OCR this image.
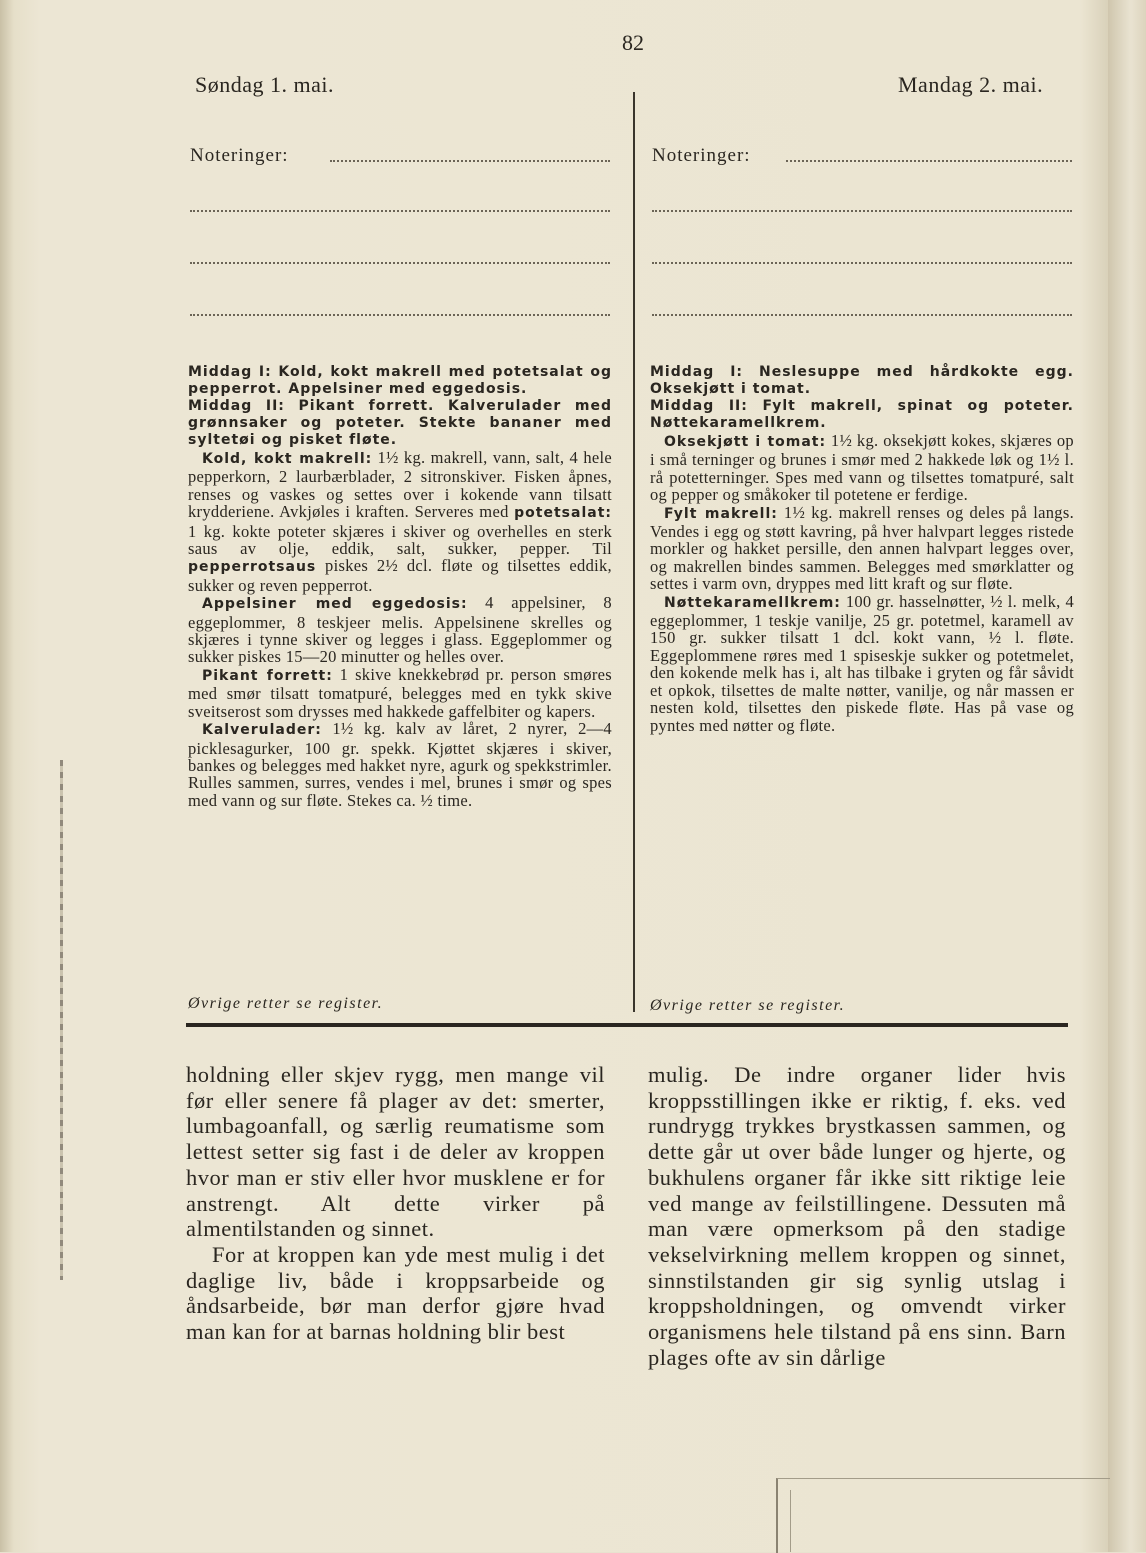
82
Søndag 1. mai.	Mandag 2. mai.
Noteringer:	Noteringer:

Middag I: Kold, kokt makrell med potetsalat og pepperrot. Appelsiner med eggedosis.

Middag II: Pikant forrett. Kalverulader med grønnsaker og poteter. Stekte bananer med syltetøi og pisket fløte.

Kold, kokt makrell: 1½ kg. makrell, vann, salt, 4 hele pepperkorn, 2 laurbærblader, 2 sitronskiver. Fisken åpnes, renses og vaskes og settes over i kokende vann tilsatt krydderiene. Avkjøles i kraften. Serveres med potetsalat: 1 kg. kokte poteter skjæres i skiver og overhelles en sterk saus av olje, eddik, salt, sukker, pepper. Til pepperrotsaus piskes 2½ dcl. fløte og tilsettes eddik, sukker og reven pepperrot.

Appelsiner med eggedosis: 4 appelsiner, 8 eggeplommer, 8 teskjeer melis. Appelsinene skrelles og skjæres i tynne skiver og legges i glass. Eggeplommer og sukker piskes 15—20 minutter og helles over.

Pikant forrett: 1 skive knekkebrød pr. person smøres med smør tilsatt tomatpuré, belegges med en tykk skive sveitserost som drysses med hakkede gaffelbiter og kapers.

Kalverulader: 1½ kg. kalv av låret, 2 nyrer, 2—4 picklesagurker, 100 gr. spekk. Kjøttet skjæres i skiver, bankes og belegges med hakket nyre, agurk og spekkstrimler. Rulles sammen, surres, vendes i mel, brunes i smør og spes med vann og sur fløte. Stekes ca. ½ time.

Middag I: Neslesuppe med hårdkokte egg. Oksekjøtt i tomat.

Middag II: Fylt makrell, spinat og poteter. Nøttekaramellkrem.

Oksekjøtt i tomat: 1½ kg. oksekjøtt kokes, skjæres op i små terninger og brunes i smør med 2 hakkede løk og 1½ l. rå potetterninger. Spes med vann og tilsettes tomatpuré, salt og pepper og småkoker til potetene er ferdige.

Fylt makrell: 1½ kg. makrell renses og deles på langs. Vendes i egg og støtt kavring, på hver halvpart legges ristede morkler og hakket persille, den annen halvpart legges over, og makrellen bindes sammen. Belegges med smørklatter og settes i varm ovn, dryppes med litt kraft og sur fløte.

Nøttekaramellkrem: 100 gr. hasselnøtter, ½ l. melk, 4 eggeplommer, 1 teskje vanilje, 25 gr. potetmel, karamell av 150 gr. sukker tilsatt 1 dcl. kokt vann, ½ l. fløte. Eggeplommene røres med 1 spiseskje sukker og potetmelet, den kokende melk has i, alt has tilbake i gryten og får såvidt et opkok, tilsettes de malte nøtter, vanilje, og når massen er nesten kold, tilsettes den piskede fløte. Has på vase og pyntes med nøtter og fløte.

Øvrige retter se register.	Øvrige retter se register.

holdning eller skjev rygg, men mange vil før eller senere få plager av det: smerter, lumbagoanfall, og særlig reumatisme som lettest setter sig fast i de deler av kroppen hvor man er stiv eller hvor musklene er for anstrengt. Alt dette virker på almentilstanden og sinnet.

For at kroppen kan yde mest mulig i det daglige liv, både i kroppsarbeide og åndsarbeide, bør man derfor gjøre hvad man kan for at barnas holdning blir best

mulig. De indre organer lider hvis kroppsstillingen ikke er riktig, f. eks. ved rundrygg trykkes brystkassen sammen, og dette går ut over både lunger og hjerte, og bukhulens organer får ikke sitt riktige leie ved mange av feilstillingene. Dessuten må man være opmerksom på den stadige vekselvirkning mellem kroppen og sinnet, sinnstilstanden gir sig synlig utslag i kroppsholdningen, og omvendt virker organismens hele tilstand på ens sinn. Barn plages ofte av sin dårlige
